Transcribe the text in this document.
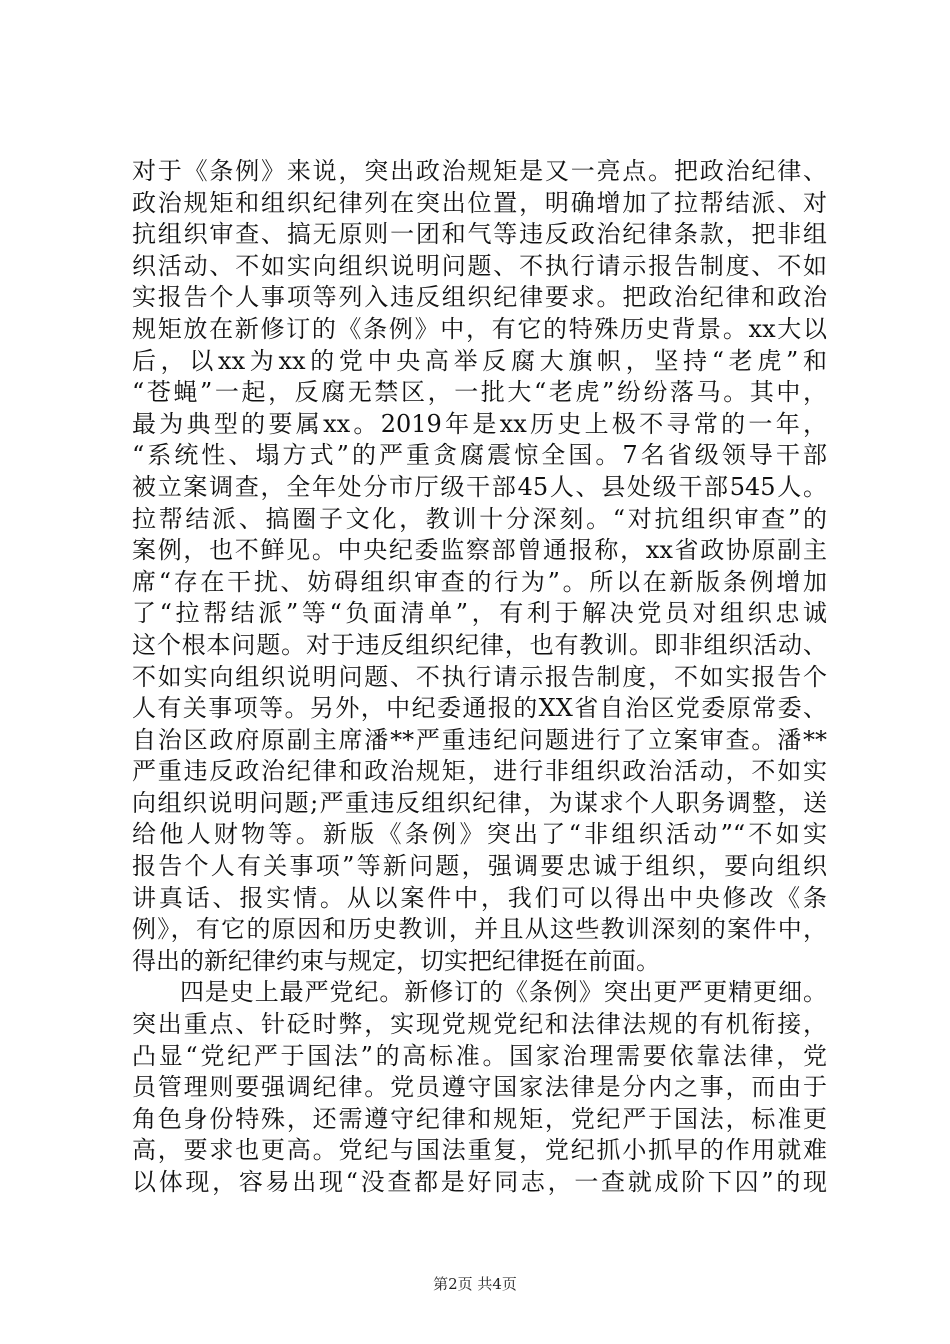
对于《条例》来说，突出政治规矩是又一亮点。把政治纪律、
政治规矩和组织纪律列在突出位置，明确增加了拉帮结派、对
抗组织审查、搞无原则一团和气等违反政治纪律条款，把非组
织活动、不如实向组织说明问题、不执行请示报告制度、不如
实报告个人事项等列入违反组织纪律要求。把政治纪律和政治
规矩放在新修订的《条例》中，有它的特殊历史背景。xx大以
后，以xx为xx的党中央高举反腐大旗帜，坚持“老虎”和
“苍蝇”一起，反腐无禁区，一批大“老虎”纷纷落马。其中，
最为典型的要属xx。2019年是xx历史上极不寻常的一年，
“系统性、塌方式”的严重贪腐震惊全国。7名省级领导干部
被立案调查，全年处分市厅级干部45人、县处级干部545人。
拉帮结派、搞圈子文化，教训十分深刻。“对抗组织审查”的
案例，也不鲜见。中央纪委监察部曾通报称，xx省政协原副主
席“存在干扰、妨碍组织审查的行为”。所以在新版条例增加
了“拉帮结派”等“负面清单”，有利于解决党员对组织忠诚
这个根本问题。对于违反组织纪律，也有教训。即非组织活动、
不如实向组织说明问题、不执行请示报告制度，不如实报告个
人有关事项等。另外，中纪委通报的XX省自治区党委原常委、
自治区政府原副主席潘**严重违纪问题进行了立案审查。潘**
严重违反政治纪律和政治规矩，进行非组织政治活动，不如实
向组织说明问题;严重违反组织纪律，为谋求个人职务调整，送
给他人财物等。新版《条例》突出了“非组织活动”“不如实
报告个人有关事项”等新问题，强调要忠诚于组织，要向组织
讲真话、报实情。从以案件中，我们可以得出中央修改《条
例》，有它的原因和历史教训，并且从这些教训深刻的案件中，
得出的新纪律约束与规定，切实把纪律挺在前面。
四是史上最严党纪。新修订的《条例》突出更严更精更细。
突出重点、针砭时弊，实现党规党纪和法律法规的有机衔接，
凸显“党纪严于国法”的高标准。国家治理需要依靠法律，党
员管理则要强调纪律。党员遵守国家法律是分内之事，而由于
角色身份特殊，还需遵守纪律和规矩，党纪严于国法，标准更
高，要求也更高。党纪与国法重复，党纪抓小抓早的作用就难
以体现，容易出现“没查都是好同志，一查就成阶下囚”的现
第2页 共4页
